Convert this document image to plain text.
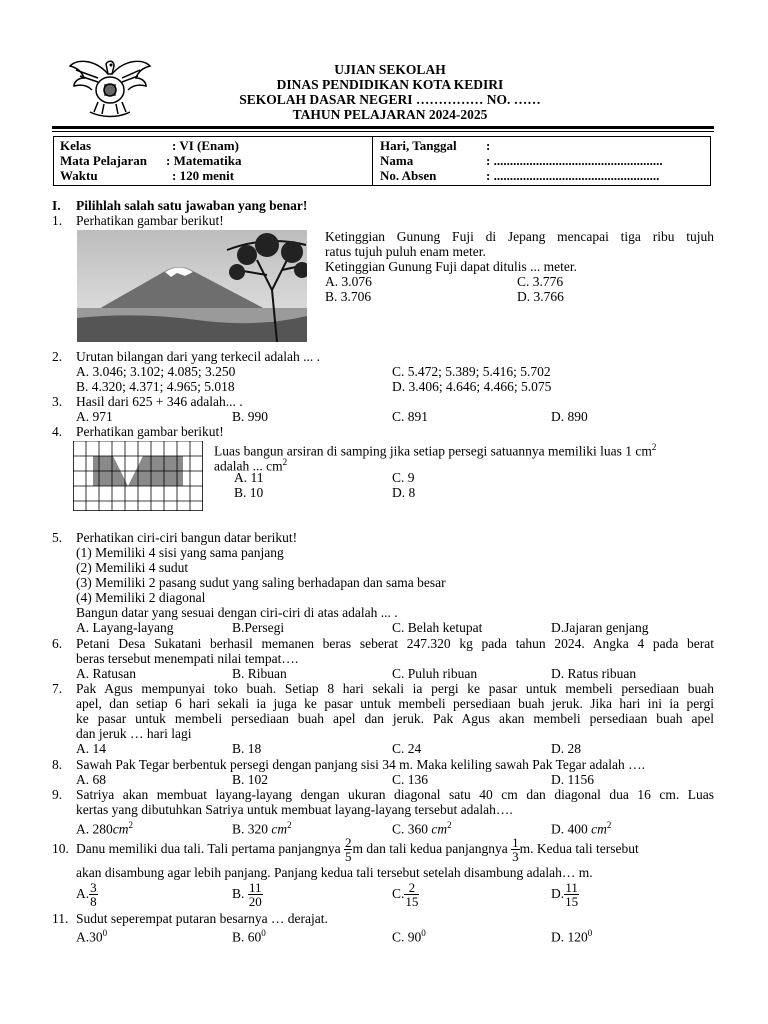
UJIAN SEKOLAH
DINAS PENDIDIKAN KOTA KEDIRI
SEKOLAH DASAR NEGERI …………… NO. ……
TAHUN PELAJARAN 2024-2025
Kelas	: VI (Enam)
Mata Pelajaran : Matematika
Waktu	: 120 menit
Hari, Tanggal :
Nama	: ....................................................
No. Absen	: ...................................................
I. Pilihlah salah satu jawaban yang benar!
1. Perhatikan gambar berikut!
Ketinggian Gunung Fuji di Jepang mencapai tiga ribu tujuh
ratus tujuh puluh enam meter.
Ketinggian Gunung Fuji dapat ditulis ... meter.
A. 3.076	C. 3.776
B. 3.706	D. 3.766
2. Urutan bilangan dari yang terkecil adalah ... .
A. 3.046; 3.102; 4.085; 3.250	C. 5.472; 5.389; 5.416; 5.702
B. 4.320; 4.371; 4.965; 5.018	D. 3.406; 4.646; 4.466; 5.075
3. Hasil dari 625 + 346 adalah... .
A. 971	B. 990	C. 891	D. 890
4. Perhatikan gambar berikut!
Luas bangun arsiran di samping jika setiap persegi satuannya memiliki luas 1 $cm^2$
adalah ... $cm^2$
A. 11	C. 9
B. 10	D. 8
5. Perhatikan ciri-ciri bangun datar berikut!
(1) Memiliki 4 sisi yang sama panjang
(2) Memiliki 4 sudut
(3) Memiliki 2 pasang sudut yang saling berhadapan dan sama besar
(4) Memiliki 2 diagonal
Bangun datar yang sesuai dengan ciri-ciri di atas adalah ... .
A. Layang-layang	B.Persegi	C. Belah ketupat	D.Jajaran genjang
6.	Petani Desa Sukatani berhasil memanen beras seberat 247.320 kg pada tahun 2024. Angka 4 pada berat
beras tersebut menempati nilai tempat….
A. Ratusan	B. Ribuan	C. Puluh ribuan	D. Ratus ribuan
7.	Pak Agus mempunyai toko buah. Setiap 8 hari sekali ia pergi ke pasar untuk membeli persediaan buah
apel, dan setiap 6 hari sekali ia juga ke pasar untuk membeli persediaan buah jeruk. Jika hari ini ia pergi
ke pasar untuk membeli persediaan buah apel dan jeruk. Pak Agus akan membeli persediaan buah apel
dan jeruk … hari lagi
A. 14	B. 18	C. 24	D. 28
8. Sawah Pak Tegar berbentuk persegi dengan panjang sisi 34 m. Maka keliling sawah Pak Tegar adalah ….
A. 68	B. 102	C. 136	D. 1156
9.	Satriya akan membuat layang-layang dengan ukuran diagonal satu 40 cm dan diagonal dua 16 cm. Luas
kertas yang dibutuhkan Satriya untuk membuat layang-layang tersebut adalah….
A. $280cm^2$	B. 320 $cm^2$	C. 360 $cm^2$	D. 400 $cm^2$
10. Danu memiliki dua tali. Tali pertama panjangnya $\frac{2}{5}$ m dan tali kedua panjangnya $\frac{1}{3} m$. Kedua tali tersebut
akan disambung agar lebih panjang. Panjang kedua tali tersebut setelah disambung adalah… m.
A. $\frac{3}{8}$	B. $\frac{11}{20}$	C. $\frac{2}{15}$	D. $\frac{11}{15}$
11. Sudut seperempat putaran besarnya … derajat.
$A.30^0$	B. $60^0$	C. $90^0$	D. $120^0$
